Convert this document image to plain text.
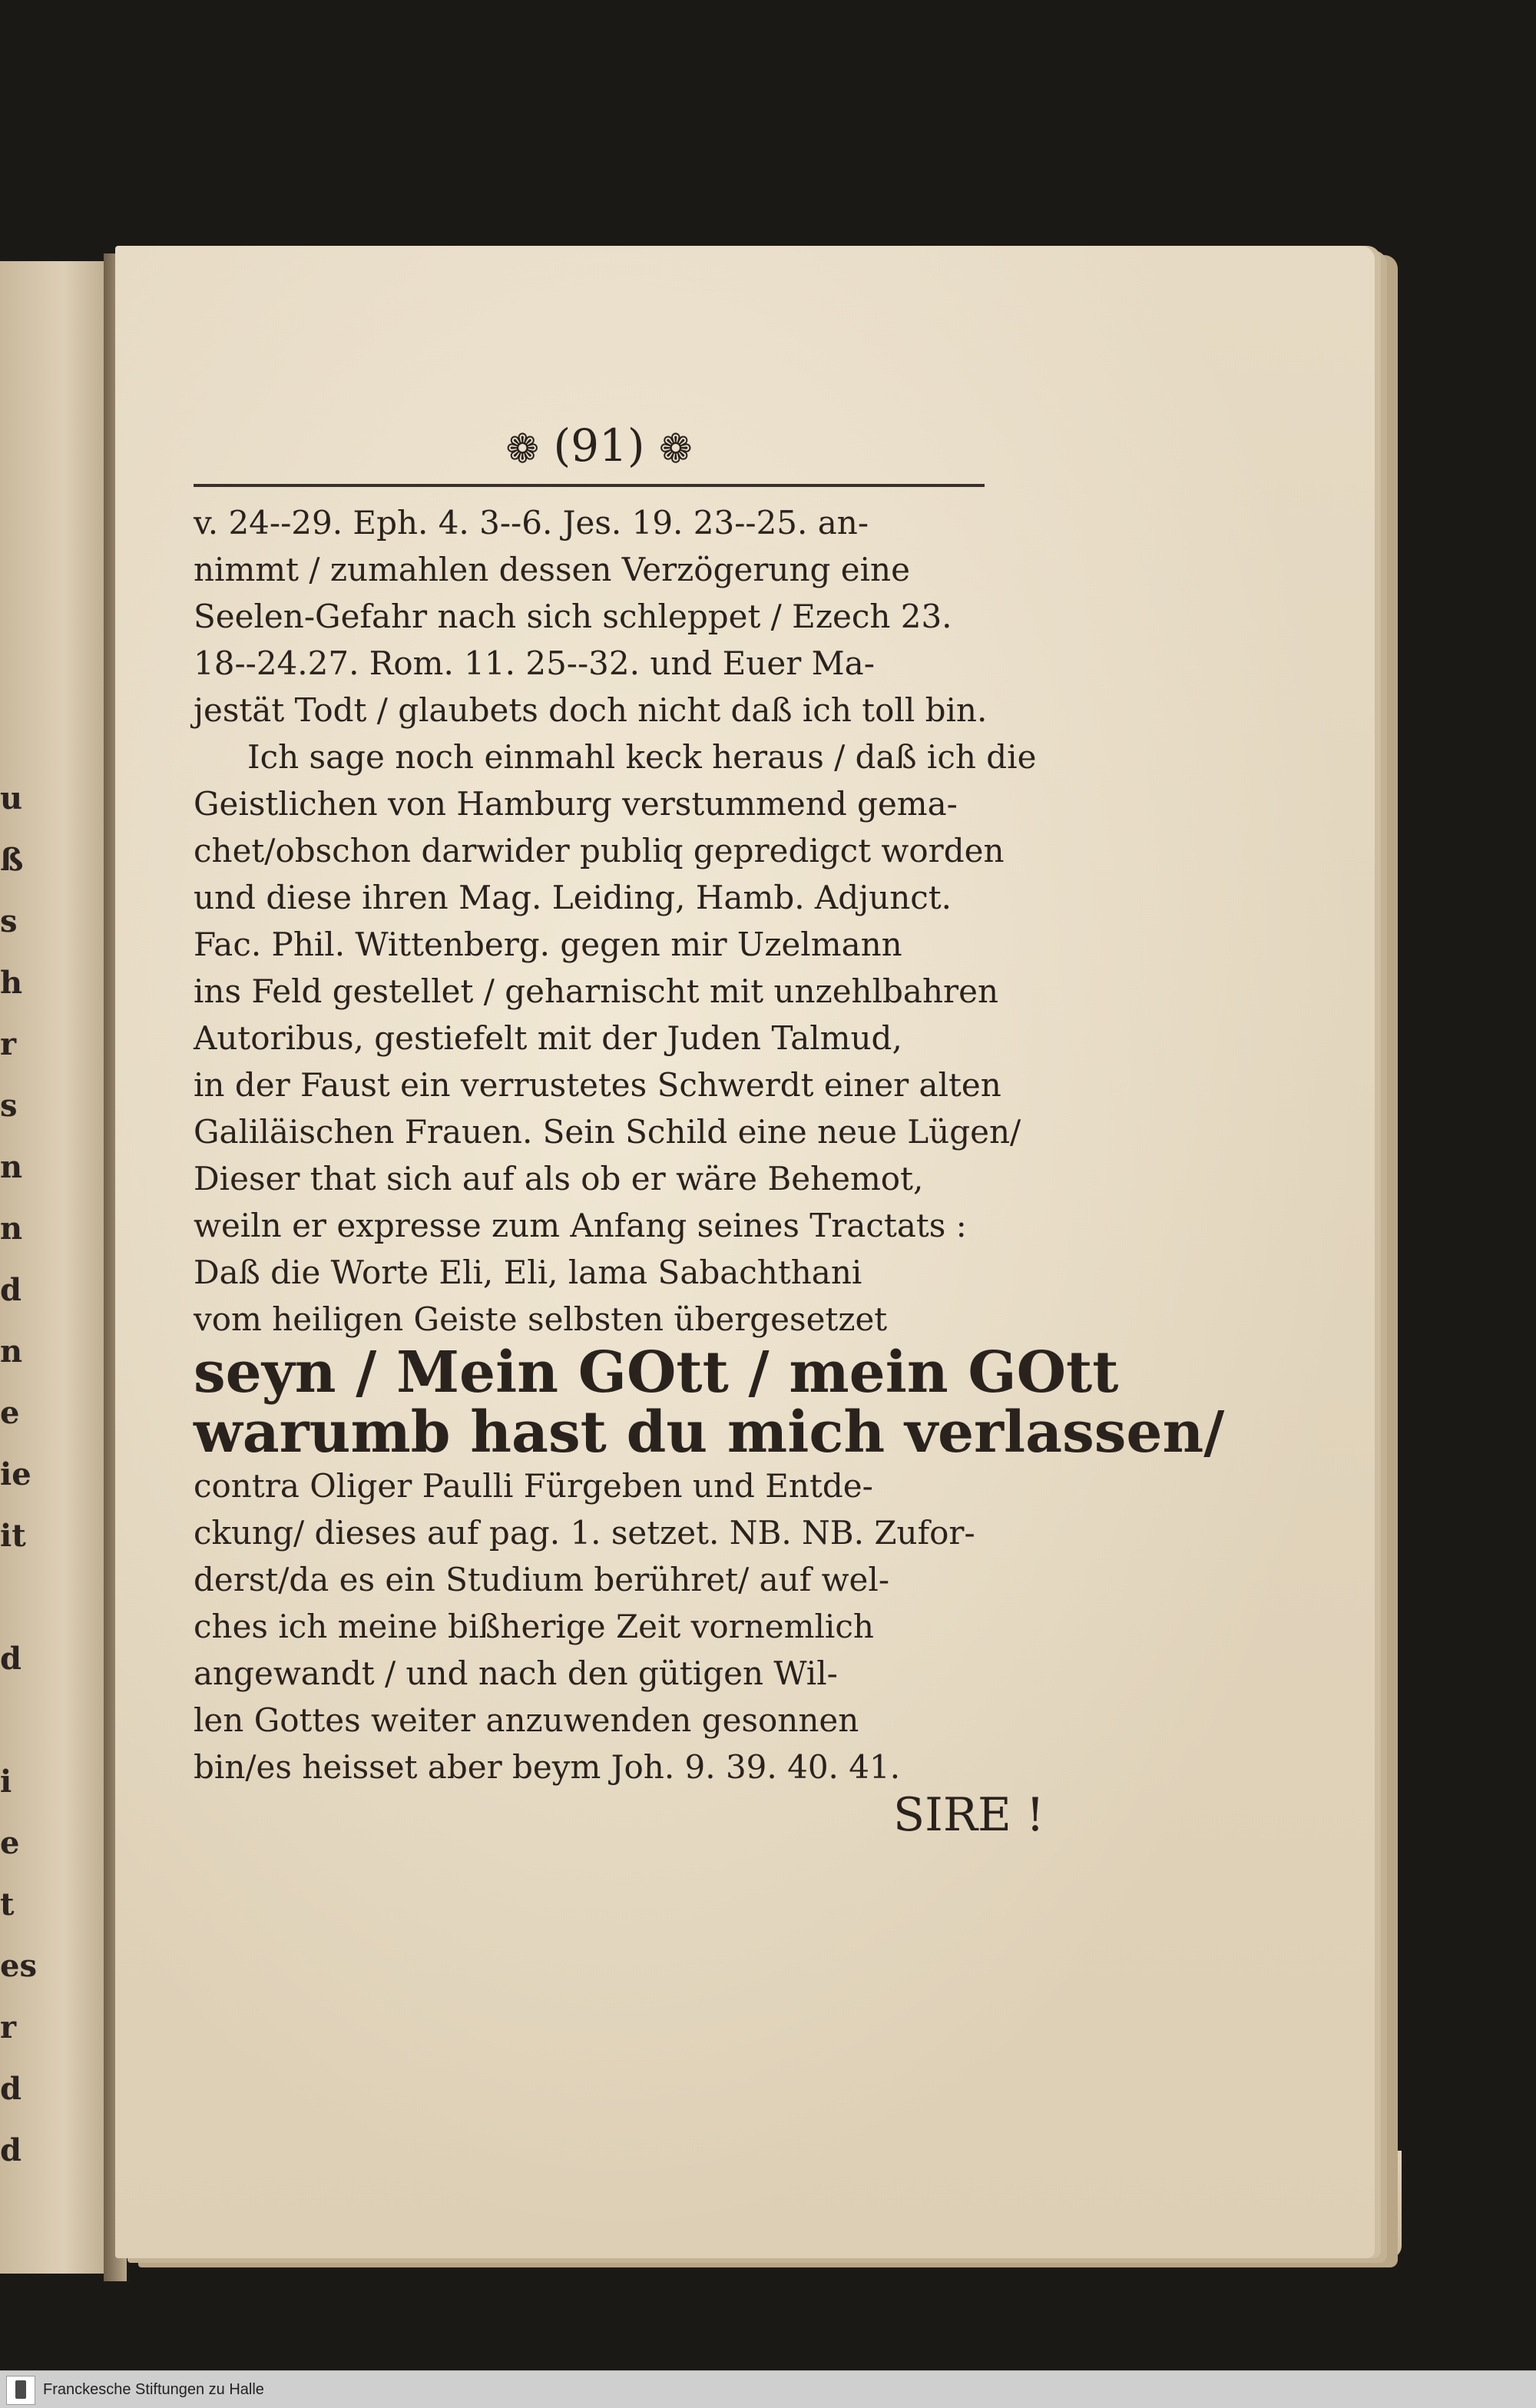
u
ß
s
h
r
s
n
n
d
n
e
ie
it

d

i
e
t
es
r
d
d
❁ (91) ❁
v. 24--29. Eph. 4. 3--6. Jes. 19. 23--25. an-
nimmt / zumahlen dessen Verzögerung eine
Seelen-Gefahr nach sich schleppet / Ezech 23.
18--24.27. Rom. 11. 25--32. und Euer Ma-
jestät Todt / glaubets doch nicht daß ich toll bin.
Ich sage noch einmahl keck heraus / daß ich die
Geistlichen von Hamburg verstummend gema-
chet/obschon darwider publiq gepredigct worden
und diese ihren Mag. Leiding, Hamb. Adjunct.
Fac. Phil. Wittenberg. gegen mir Uzelmann
ins Feld gestellet / geharnischt mit unzehlbahren
Autoribus, gestiefelt mit der Juden Talmud,
in der Faust ein verrustetes Schwerdt einer alten
Galiläischen Frauen. Sein Schild eine neue Lügen/
Dieser that sich auf als ob er wäre Behemot,
weiln er expresse zum Anfang seines Tractats :
Daß die Worte Eli, Eli, lama Sabachthani
vom heiligen Geiste selbsten übergesetzet
seyn / Mein GOtt / mein GOtt
warumb hast du mich verlassen/
contra Oliger Paulli Fürgeben und Entde-
ckung/ dieses auf pag. 1. setzet. NB. NB. Zufor-
derst/da es ein Studium berühret/ auf wel-
ches ich meine bißherige Zeit vornemlich
angewandt / und nach den gütigen Wil-
len Gottes weiter anzuwenden gesonnen
bin/es heisset aber beym Joh. 9. 39. 40. 41.
SIRE !
Franckesche Stiftungen zu Halle
